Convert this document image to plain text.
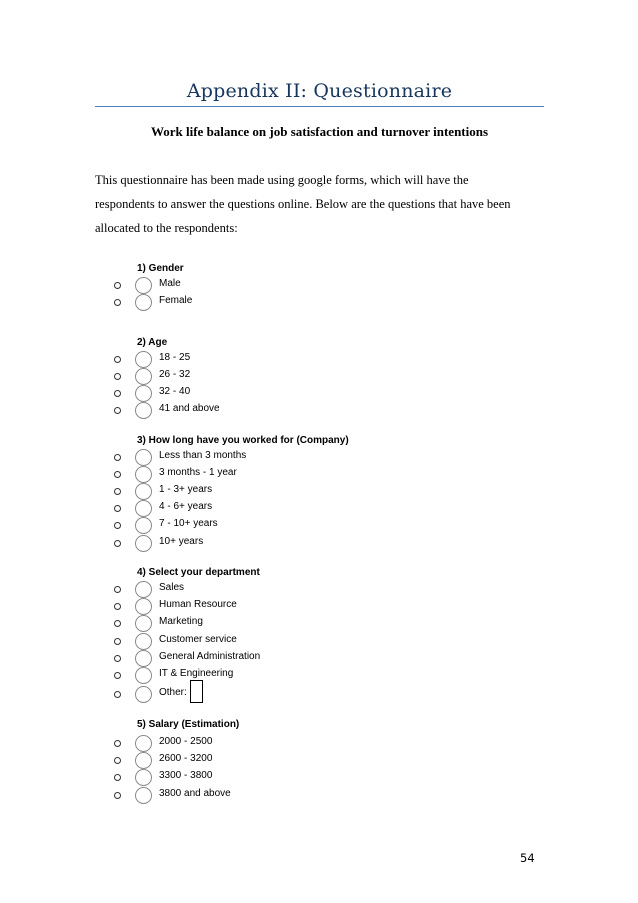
Appendix II: Questionnaire
Work life balance on job satisfaction and turnover intentions
This questionnaire has been made using google forms, which will have the
respondents to answer the questions online. Below are the questions that have been
allocated to the respondents:
1) Gender
Male
Female
2) Age
18 - 25
26 - 32
32 - 40
41 and above
3) How long have you worked for (Company)
Less than 3 months
3 months - 1 year
1 - 3+ years
4 - 6+ years
7 - 10+ years
10+ years
4) Select your department
Sales
Human Resource
Marketing
Customer service
General Administration
IT & Engineering
Other:
5) Salary (Estimation)
2000 - 2500
2600 - 3200
3300 - 3800
3800 and above
54
